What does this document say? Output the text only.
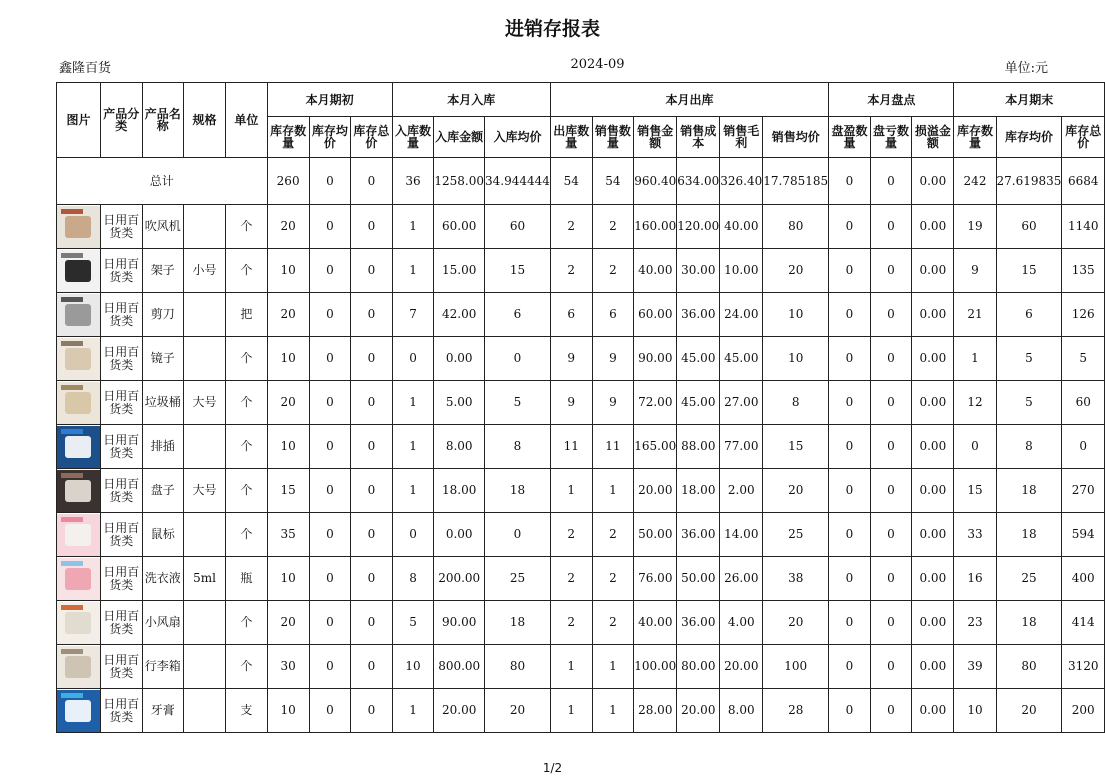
进销存报表
鑫隆百货	2024-09	单位:元
图片	产品分类	产品名称	规格	单位	本月期初			本月入库			本月出库						本月盘点			本月期末		
					库存数量	库存均价	库存总价	入库数量	入库金额	入库均价	出库数量	销售数量	销售金额	销售成本	销售毛利	销售均价	盘盈数量	盘亏数量	损溢金额	库存数量	库存均价	库存总价
总计					260	0	0	36	1258.00	34.944444	54	54	960.40	634.00	326.40	17.785185	0	0	0.00	242	27.619835	6684

	日用百货类	吹风机		个	20	0	0	1	60.00	60	2	2	160.00	120.00	40.00	80	0	0	0.00	19	60	1140

	日用百货类	架子	小号	个	10	0	0	1	15.00	15	2	2	40.00	30.00	10.00	20	0	0	0.00	9	15	135

	日用百货类	剪刀		把	20	0	0	7	42.00	6	6	6	60.00	36.00	24.00	10	0	0	0.00	21	6	126

	日用百货类	镜子		个	10	0	0	0	0.00	0	9	9	90.00	45.00	45.00	10	0	0	0.00	1	5	5

	日用百货类	垃圾桶	大号	个	20	0	0	1	5.00	5	9	9	72.00	45.00	27.00	8	0	0	0.00	12	5	60

	日用百货类	排插		个	10	0	0	1	8.00	8	11	11	165.00	88.00	77.00	15	0	0	0.00	0	8	0

	日用百货类	盘子	大号	个	15	0	0	1	18.00	18	1	1	20.00	18.00	2.00	20	0	0	0.00	15	18	270

	日用百货类	鼠标		个	35	0	0	0	0.00	0	2	2	50.00	36.00	14.00	25	0	0	0.00	33	18	594

	日用百货类	洗衣液	5ml	瓶	10	0	0	8	200.00	25	2	2	76.00	50.00	26.00	38	0	0	0.00	16	25	400

	日用百货类	小风扇		个	20	0	0	5	90.00	18	2	2	40.00	36.00	4.00	20	0	0	0.00	23	18	414

	日用百货类	行李箱		个	30	0	0	10	800.00	80	1	1	100.00	80.00	20.00	100	0	0	0.00	39	80	3120

	日用百货类	牙膏		支	10	0	0	1	20.00	20	1	1	28.00	20.00	8.00	28	0	0	0.00	10	20	200
1/2
